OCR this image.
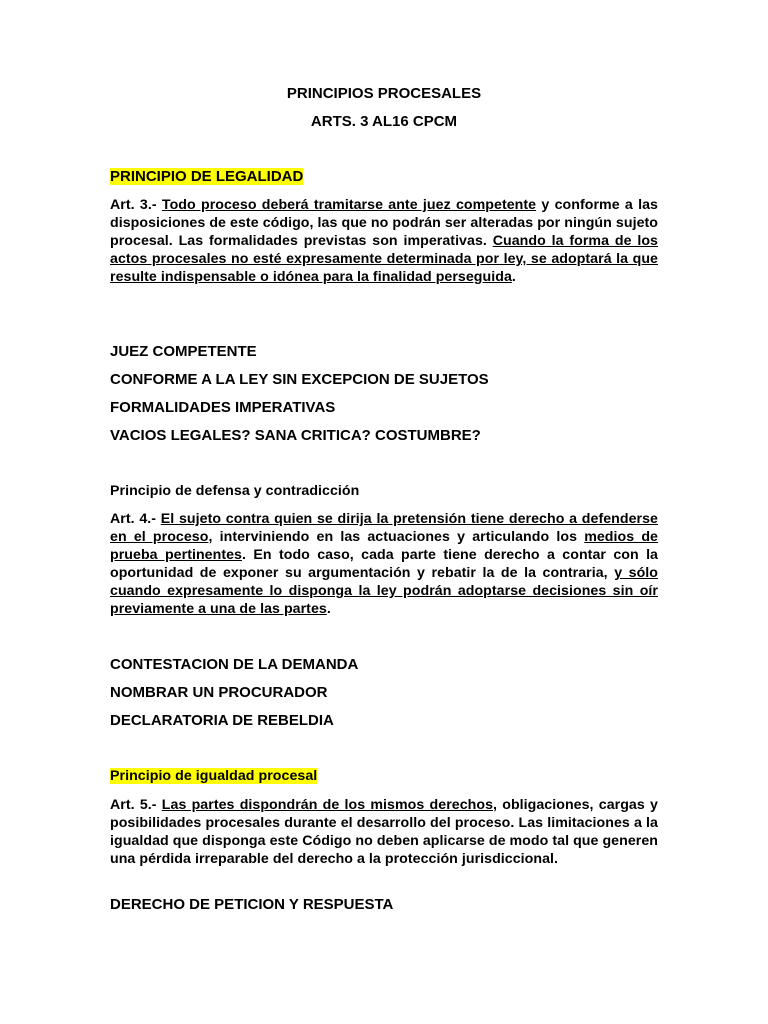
PRINCIPIOS PROCESALES
ARTS. 3 AL16 CPCM
PRINCIPIO DE LEGALIDAD
Art. 3.- Todo proceso deberá tramitarse ante juez competente y conforme a las disposiciones de este código, las que no podrán ser alteradas por ningún sujeto procesal. Las formalidades previstas son imperativas. Cuando la forma de los actos procesales no esté expresamente determinada por ley, se adoptará la que resulte indispensable o idónea para la finalidad perseguida.
JUEZ COMPETENTE
CONFORME A LA LEY SIN EXCEPCION DE SUJETOS
FORMALIDADES IMPERATIVAS
VACIOS LEGALES? SANA CRITICA? COSTUMBRE?
Principio de defensa y contradicción
Art. 4.- El sujeto contra quien se dirija la pretensión tiene derecho a defenderse en el proceso, interviniendo en las actuaciones y articulando los medios de prueba pertinentes. En todo caso, cada parte tiene derecho a contar con la oportunidad de exponer su argumentación y rebatir la de la contraria, y sólo cuando expresamente lo disponga la ley podrán adoptarse decisiones sin oír previamente a una de las partes.
CONTESTACION DE LA DEMANDA
NOMBRAR UN PROCURADOR
DECLARATORIA DE REBELDIA
Principio de igualdad procesal
Art. 5.- Las partes dispondrán de los mismos derechos, obligaciones, cargas y posibilidades procesales durante el desarrollo del proceso. Las limitaciones a la igualdad que disponga este Código no deben aplicarse de modo tal que generen una pérdida irreparable del derecho a la protección jurisdiccional.
DERECHO DE PETICION Y RESPUESTA
